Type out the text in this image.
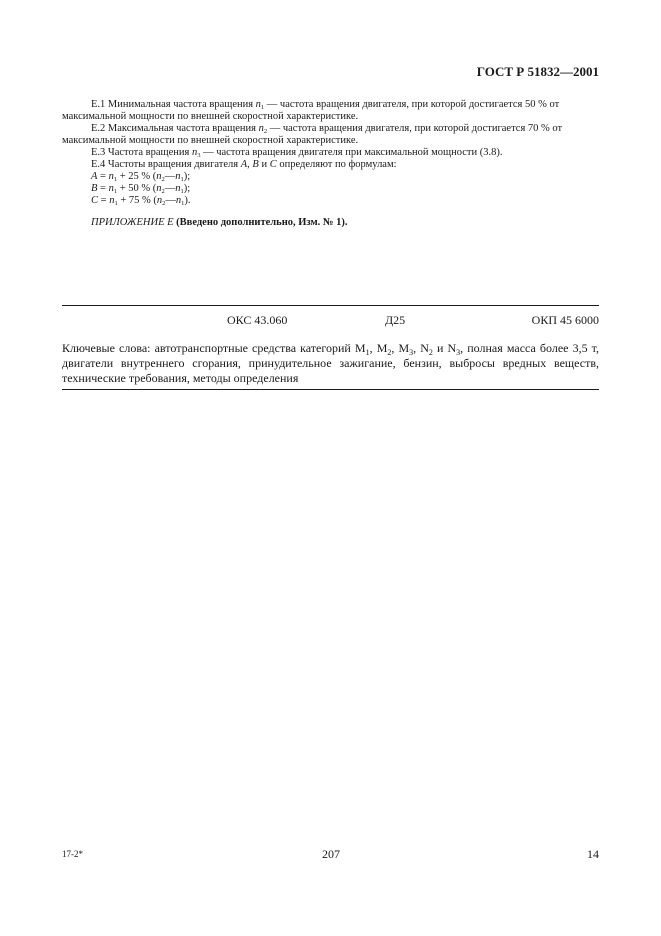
ГОСТ Р 51832—2001
Е.1 Минимальная частота вращения $n_1$ — частота вращения двигателя, при которой достигается 50 % от
максимальной мощности по внешней скоростной характеристике.
Е.2 Максимальная частота вращения $n_2$ — частота вращения двигателя, при которой достигается 70 % от
максимальной мощности по внешней скоростной характеристике.
Е.3 Частота вращения $n_3$ — частота вращения двигателя при максимальной мощности (3.8).
Е.4 Частоты вращения двигателя A, B и C определяют по формулам:
$A = n_1 + 25$ % $(n_2—n_1)$;
$B = n_1 + 50$ % $(n_2—n_1)$;
$C = n_1 + 75$ % $(n_2—n_1)$.
ПРИЛОЖЕНИЕ Е (Введено дополнительно, Изм. № 1).
ОКС 43.060	Д25	ОКП 45 6000
Ключевые слова: автотранспортные средства категорий $M_1$, $M_2$, $M_3$, $N_2$ и $N_3$, полная масса более 3,5 т, двигатели внутреннего сгорания, принудительное зажигание, бензин, выбросы вредных веществ, технические требования, методы определения
17-2*	207	14
